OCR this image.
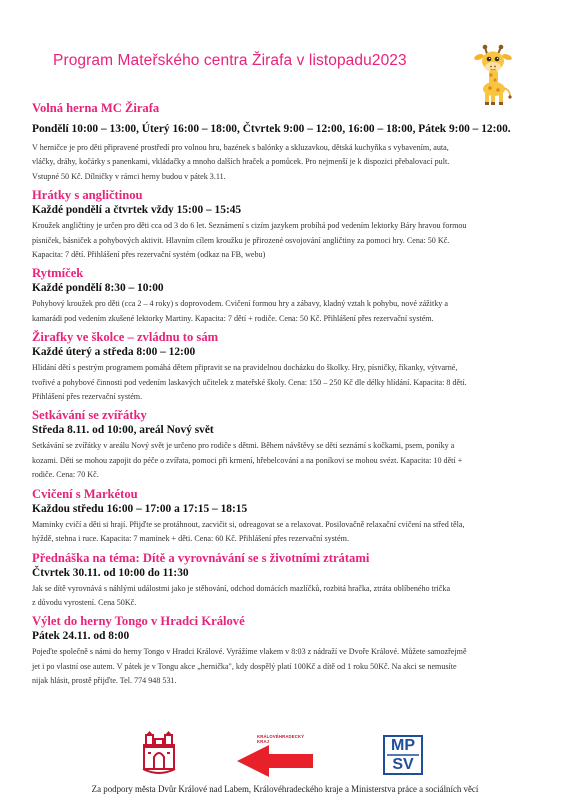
Program Mateřského centra Žirafa v listopadu2023
Volná herna MC Žirafa
Pondělí 10:00 – 13:00, Úterý 16:00 – 18:00, Čtvrtek 9:00 – 12:00, 16:00 – 18:00, Pátek 9:00 – 12:00.
V herničce je pro děti připravené prostředí pro volnou hru, bazének s balónky a skluzavkou, dětská kuchyňka s vybavením, auta,
vláčky, dráhy, kočárky s panenkami, vkládačky a mnoho dalších hraček a pomůcek. Pro nejmenší je k dispozici přebalovací pult.
Vstupné 50 Kč. Dílničky v rámci herny budou v pátek 3.11.
Hrátky s angličtinou
Každé pondělí a čtvrtek vždy 15:00 – 15:45
Kroužek angličtiny je určen pro děti cca od 3 do 6 let. Seznámení s cizím jazykem probíhá pod vedením lektorky Báry hravou formou
písniček, básniček a pohybových aktivit. Hlavním cílem kroužku je přirozené osvojování angličtiny za pomoci hry. Cena: 50 Kč.
Kapacita: 7 dětí. Přihlášení přes rezervační systém (odkaz na FB, webu)
Rytmíček
Každé pondělí 8:30 – 10:00
Pohybový kroužek pro děti (cca 2 – 4 roky) s doprovodem. Cvičení formou hry a zábavy, kladný vztah k pohybu, nové zážitky a
kamarádi pod vedením zkušené lektorky Martiny. Kapacita: 7 dětí + rodiče. Cena: 50 Kč. Přihlášení přes rezervační systém.
Žirafky ve školce – zvládnu to sám
Každé úterý a středa 8:00 – 12:00
Hlídání dětí s pestrým programem pomáhá dětem připravit se na pravidelnou docházku do školky. Hry, písničky, říkanky, výtvarné,
tvořivé a pohybové činnosti pod vedením laskavých učitelek z mateřské školy. Cena: 150 – 250 Kč dle délky hlídání. Kapacita: 8 dětí.
Přihlášení přes rezervační systém.
Setkávání se zvířátky
Středa 8.11. od 10:00, areál Nový svět
Setkávání se zvířátky v areálu Nový svět je určeno pro rodiče s dětmi. Během návštěvy se děti seznámí s kočkami, psem, poníky a
kozami. Děti se mohou zapojit do péče o zvířata, pomoci při krmení, hřebelcování a na poníkovi se mohou svézt. Kapacita: 10 dětí +
rodiče. Cena: 70 Kč.
Cvičení s Markétou
Každou středu 16:00 – 17:00 a 17:15 – 18:15
Maminky cvičí a děti si hrají. Přijďte se protáhnout, zacvičit si, odreagovat se a relaxovat. Posilovačně relaxační cvičení na střed těla,
hýždě, stehna i ruce. Kapacita: 7 maminek + děti. Cena: 60 Kč. Přihlášení přes rezervační systém.
Přednáška na téma: Dítě a vyrovnávání se s životními ztrátami
Čtvrtek 30.11. od 10:00 do 11:30
Jak se dítě vyrovnává s náhlými událostmi jako je stěhování, odchod domácích mazlíčků, rozbitá hračka, ztráta oblíbeného trička
z důvodu vyrostení. Cena 50Kč.
Výlet do herny Tongo v Hradci Králové
Pátek 24.11. od 8:00
Pojeďte společně s námi do herny Tongo v Hradci Králové. Vyrážíme vlakem v 8:03 z nádraží ve Dvoře Králové. Můžete samozřejmě
jet i po vlastní ose autem. V pátek je v Tongu akce „hernička", kdy dospělý platí 100Kč a dítě od 1 roku 50Kč. Na akci se nemusíte
nijak hlásit, prostě přijďte. Tel. 774 948 531.
KRÁLOVÉHRADECKÝ
KRAJ	MP
SV
Za podpory města Dvůr Králové nad Labem, Královéhradeckého kraje a Ministerstva práce a sociálních věcí
